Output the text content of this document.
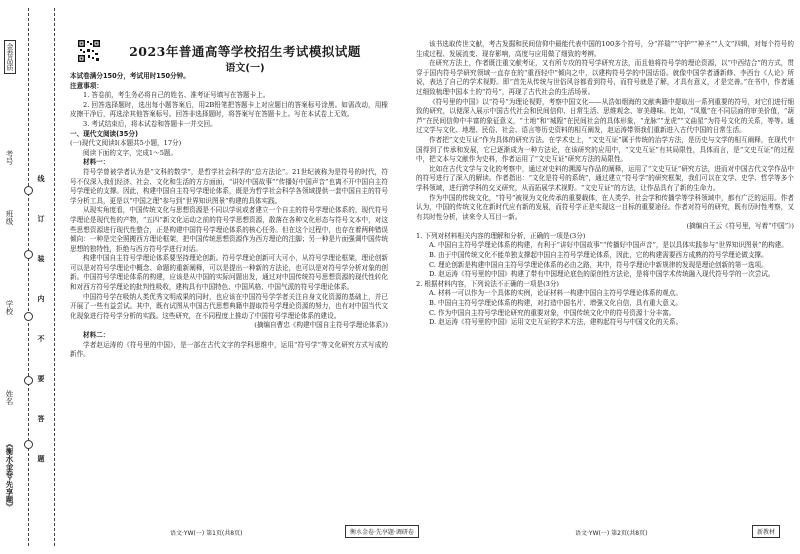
《衡水金卷·先享题》
姓名
学校
班级
考号
金卷品质
线
订
装
内
不
要
答
题
2023年普通高等学校招生考试模拟试题
语文(一)

本试卷满分150分，考试用时150分钟。

注意事项：

1. 答卷前，考生务必将自己的姓名、准考证号填写在答题卡上。

2. 回答选择题时，选出每小题答案后，用2B铅笔把答题卡上对应题目的答案标号涂黑。如需改动，用橡皮擦干净后，再选涂其他答案标号。回答非选择题时，将答案写在答题卡上。写在本试卷上无效。

3. 考试结束后，将本试卷和答题卡一并交回。

一、现代文阅读(35分)

(一)现代文阅读Ⅰ(本题共5小题，17分)

阅读下面的文字，完成1～5题。

材料一：

符号学曾被学者认为是“文科的数学”，是哲学社会科学的“总方法论”。21世纪被称为是符号的时代，符号不仅深入我们经济、社会、文化和生活的方方面面，“讲好中国故事”“传播好中国声音”也离不开中国自主符号学理论的支撑。因此，构建中国自主符号学理论体系，既是为哲学社会科学各领域提供一套中国自主的符号学分析工具，更是以“中国之理”参与到“世界知识图景”构建的具体实践。

从现实角度看，中国传统文化与思想资源是不同以学说或者建立一个自主的符号学理论体系的，现代符号学理论是现代性的产物，“五四”新文化运动之前的符号学思想资源，散落在各种文化形态与符号文本中，对这些思想资源进行现代性整合，正是构建中国符号学理论体系的核心任务。但在这个过程中，也存在着两种错误倾向：一种是完全照搬西方理论框架，把中国传统思想资源作为西方理论的注脚；另一种是片面强调中国传统思想的独特性，拒绝与西方符号学进行对话。

构建中国自主符号学理论体系要坚持理论创新。符号学理论创新可大可小，从符号学理论框架，理论创新可以是对符号学理论中概念、命题的重新阐释，可以是提出一种新的方法论，也可以是对符号学分析对象的创新。中国符号学理论体系的构建，应该是从中国的实际问题出发，通过对中国传统符号思想资源的现代性转化和对西方符号学理论的批判性吸收，建构具有中国特色、中国风格、中国气派的符号学理论体系。

中国符号学在吸纳人类优秀文明成果的同时，也应该在中国符号学学者关注自身文化资源的基础上，并已开展了一些有益尝试。其中，既有试图从中国古代思想典籍中提取符号学理论资源的努力，也有对中国当代文化现象进行符号学分析的实践。这些研究，在不同程度上推动了中国符号学理论体系的建设。

(摘编自曹忠《构建中国自主符号学理论体系》)

材料二：

学者赵运涛的《符号里的中国》，是一部在古代文字的学科思维中，运用“符号学”等文化研究方式写成的新作。

该书选取传世文献，考古发掘和民间信仰中最能代表中国的100多个符号，分“祥瑞”“守护”“神圣”“人文”四辑，对每个符号的生成过程、发展流变、现存影响，高度与应用做了细致的考辨。

在研究方法上，作者既注重文献考证，又有所专攻的符号学研究方法，而且他将符号学的理论资源，以“中西结合”的方式，贯穿于国内符号学研究领域一直存在的“重西轻中”倾向之中，以建构符号学的中国话语。就像中国学者潘新修、李西台《人论》所说，表达了自己的学术视野。即“首先从传统与世俗风谷都看到符号，而符号就是了解，才具有意义，才是完善。”在书中，作者通过细致梳理中国本土的“符号”，再现了古代社会的生活场景。

《符号里的中国》以“符号”为理论视野，考察中国文化——从浩如烟海的文献典籍中提取出一系列重要的符号，对它们进行细致的研究，以便深入展示中国古代社会和民间信仰、日常生活、思维观念、审美趣味。比如，“凤凰”在不同层面的审美价值，“葫芦”在民间信仰中丰富的象征意义，“土地”和“城隍”在民间社会的具体形象，“龙脉”“龙虎”“文曲星”为符号文化的关系，等等。通过文学与文化、地理、民俗、社会、语言等历史资料的相互阐发，赵运涛带领我们重新进入古代中国的日常生活。

作者把“文史互证”作为具体的研究方法。在学术史上，“文史互证”属于传统的治学方法，是历史与文学的相互阐释，在现代中国得到了传承和发展，它已逐渐成为一种方法论，在该研究的应用中，“文史互证”有其局限性，具体而言，是“文史互证”的过程中，把文本与文献作为史料，作者运用了“文史互证”研究方法的局限性。

比如在古代文学与文化的考察中，通过对史料的溯源与作品的阐释，运用了“文史互证”研究方法，进而对中国古代文学作品中的符号进行了深入的解读。作者指出：“文化是符号的系统”，通过建立“符号学”的研究框架，我们可以在文学、史学、哲学等多个学科领域，进行跨学科的交叉研究，从而拓展学术视野。“文史互证”的方法，让作品具有了新的生命力。

作为中国的传统文化，“符号”被视为文化传承的重要载体，在人类学、社会学和传播学等学科领域中，都有广泛的运用。作者认为，中国的传统文化在新时代应有新的发展，而符号学正是实现这一目标的重要途径。作者对符号的研究，既有历时性考察，又有共时性分析，读来令人耳目一新。

(摘编自王云《符号里，写着“中国”》)

1. 下列对材料相关内容的理解和分析，正确的一项是(3分)

A. 中国自主符号学理论体系的构建，有利于“讲好中国故事”“传播好中国声音”，是以具体实践参与“世界知识图景”的构建。

B. 由于中国传统文化不能单独支撑起中国自主符号学理论体系，因此，它的构建需要西方成熟的符号学理论做支撑。

C. 理论创新是构建中国自主符号学理论体系的必由之路，其中，符号学理论中新规律的发现是理论创新的第一选项。

D. 赵运涛《符号里的中国》构建了带有中国理论底色的原创性方法论，是将中国学术传统融入现代符号学的一次尝试。

2. 根据材料内容，下列说法不正确的一项是(3分)

A. 材料一可以作为一个具体的实例，论证材料一构建中国自主符号学理论体系的观点。

B. 中国自主符号学理论体系的构建，对打造中国名片、增强文化自信，具有重大意义。

C. 作为中国自主符号学理论研究的重要对象，中国传统文化中的符号资源十分丰富。

D. 赵运涛《符号里的中国》运用文史互证的学术方法，建构起符号与中国文化的关系。

语文·YW(一) 第1页(共8页)	衡水金卷·先享题·调研卷	语文·YW(一) 第2页(共8页)	新教材
